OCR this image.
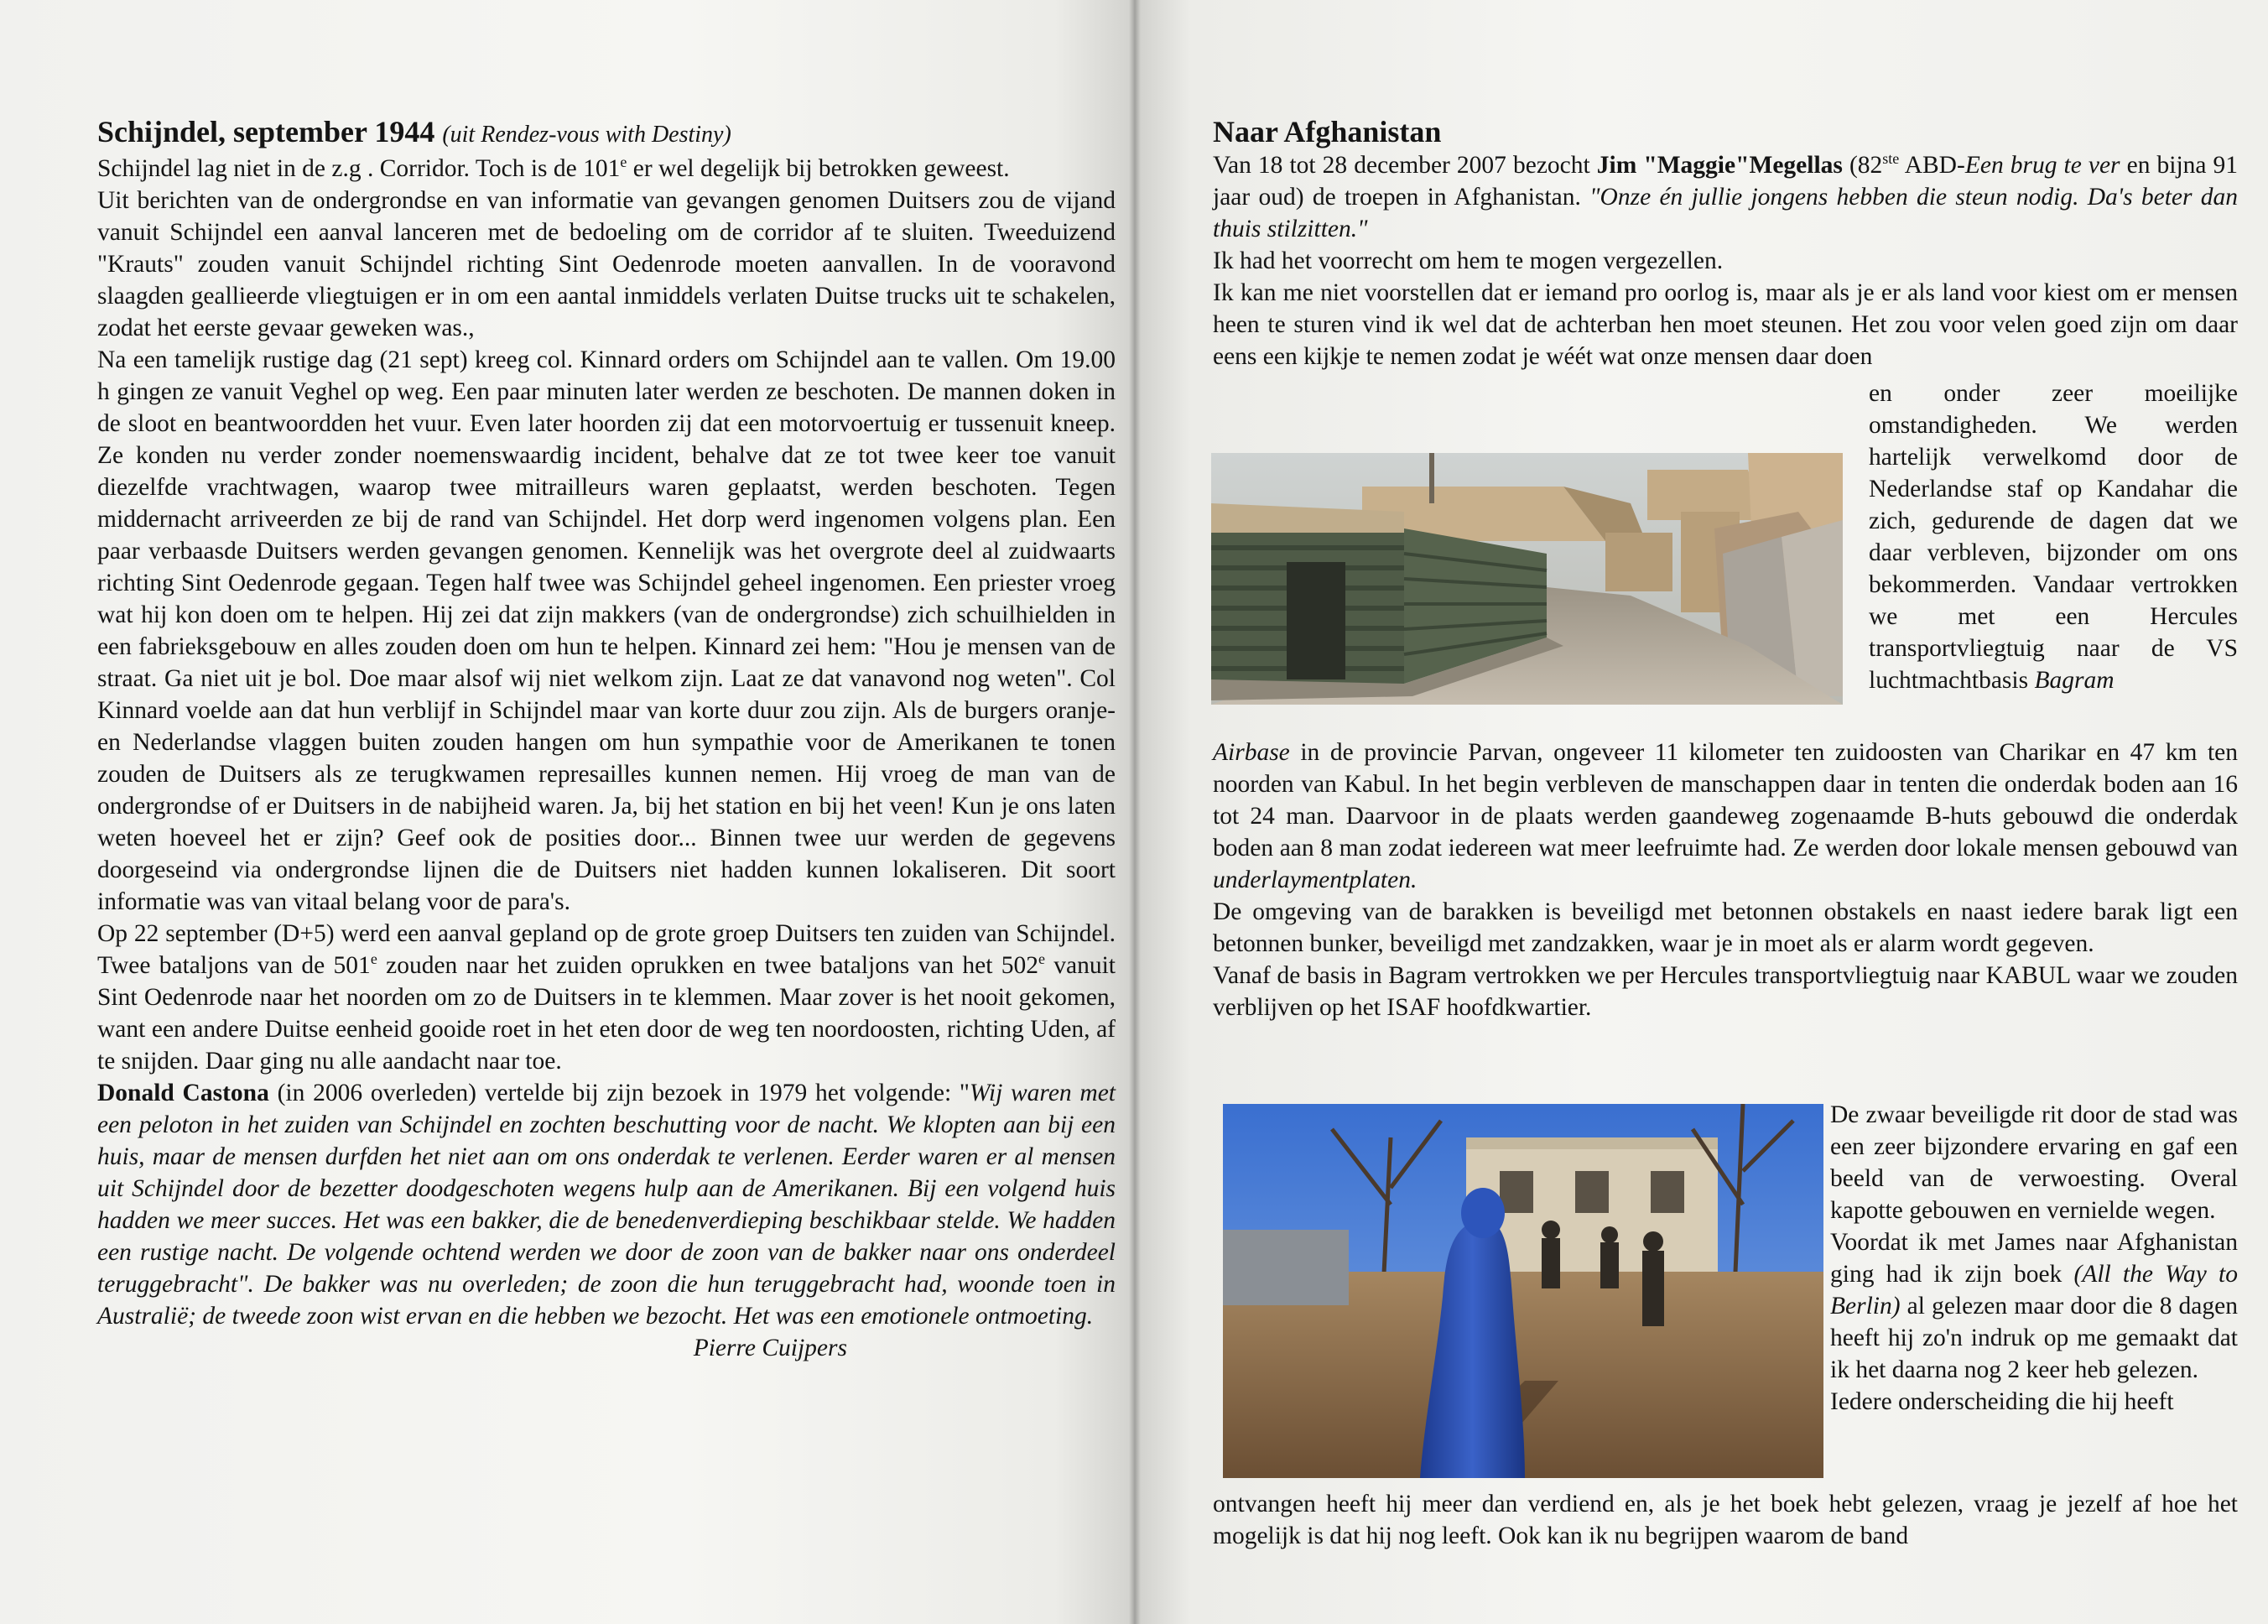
Schijndel, september 1944 (uit Rendez-vous with Destiny)

Schijndel lag niet in de z.g . Corridor. Toch is de 101e er wel degelijk bij betrokken geweest.

Uit berichten van de ondergrondse en van informatie van gevangen genomen Duitsers zou de vijand vanuit Schijndel een aanval lanceren met de bedoeling om de corridor af te sluiten. Tweeduizend "Krauts" zouden vanuit Schijndel richting Sint Oedenrode moeten aanvallen. In de vooravond slaagden geallieerde vliegtuigen er in om een aantal inmiddels verlaten Duitse trucks uit te schakelen, zodat het eerste gevaar geweken was.,

Na een tamelijk rustige dag (21 sept) kreeg col. Kinnard orders om Schijndel aan te vallen. Om 19.00 h gingen ze vanuit Veghel op weg. Een paar minuten later werden ze beschoten. De mannen doken in de sloot en beantwoordden het vuur. Even later hoorden zij dat een motorvoertuig er tussenuit kneep. Ze konden nu verder zonder noemenswaardig incident, behalve dat ze tot twee keer toe vanuit diezelfde vrachtwagen, waarop twee mitrailleurs waren geplaatst, werden beschoten. Tegen middernacht arriveerden ze bij de rand van Schijndel. Het dorp werd ingenomen volgens plan. Een paar verbaasde Duitsers werden gevangen genomen. Kennelijk was het overgrote deel al zuidwaarts richting Sint Oedenrode gegaan. Tegen half twee was Schijndel geheel ingenomen. Een priester vroeg wat hij kon doen om te helpen. Hij zei dat zijn makkers (van de ondergrondse) zich schuilhielden in een fabrieksgebouw en alles zouden doen om hun te helpen. Kinnard zei hem: "Hou je mensen van de straat. Ga niet uit je bol. Doe maar alsof wij niet welkom zijn. Laat ze dat vanavond nog weten". Col Kinnard voelde aan dat hun verblijf in Schijndel maar van korte duur zou zijn. Als de burgers oranje- en Nederlandse vlaggen buiten zouden hangen om hun sympathie voor de Amerikanen te tonen zouden de Duitsers als ze terugkwamen represailles kunnen nemen. Hij vroeg de man van de ondergrondse of er Duitsers in de nabijheid waren. Ja, bij het station en bij het veen! Kun je ons laten weten hoeveel het er zijn? Geef ook de posities door... Binnen twee uur werden de gegevens doorgeseind via ondergrondse lijnen die de Duitsers niet hadden kunnen lokaliseren. Dit soort informatie was van vitaal belang voor de para's.

Op 22 september (D+5) werd een aanval gepland op de grote groep Duitsers ten zuiden van Schijndel. Twee bataljons van de 501e zouden naar het zuiden oprukken en twee bataljons van het 502e vanuit Sint Oedenrode naar het noorden om zo de Duitsers in te klemmen. Maar zover is het nooit gekomen, want een andere Duitse eenheid gooide roet in het eten door de weg ten noordoosten, richting Uden, af te snijden. Daar ging nu alle aandacht naar toe.

Donald Castona (in 2006 overleden) vertelde bij zijn bezoek in 1979 het volgende: "Wij waren met een peloton in het zuiden van Schijndel en zochten beschutting voor de nacht. We klopten aan bij een huis, maar de mensen durfden het niet aan om ons onderdak te verlenen. Eerder waren er al mensen uit Schijndel door de bezetter doodgeschoten wegens hulp aan de Amerikanen. Bij een volgend huis hadden we meer succes. Het was een bakker, die de benedenverdieping beschikbaar stelde. We hadden een rustige nacht. De volgende ochtend werden we door de zoon van de bakker naar ons onderdeel teruggebracht". De bakker was nu overleden; de zoon die hun teruggebracht had, woonde toen in Australië; de tweede zoon wist ervan en die hebben we bezocht. Het was een emotionele ontmoeting.

Pierre Cuijpers

Naar Afghanistan

Van 18 tot 28 december 2007 bezocht Jim "Maggie"Megellas (82ste ABD-Een brug te ver en bijna 91 jaar oud) de troepen in Afghanistan. "Onze én jullie jongens hebben die steun nodig. Da's beter dan thuis stilzitten."

Ik had het voorrecht om hem te mogen vergezellen.

Ik kan me niet voorstellen dat er iemand pro oorlog is, maar als je er als land voor kiest om er mensen heen te sturen vind ik wel dat de achterban hen moet steunen. Het zou voor velen goed zijn om daar eens een kijkje te nemen zodat je wéét wat onze mensen daar doen

en onder zeer moeilijke omstandigheden. We werden hartelijk verwelkomd door de Nederlandse staf op Kandahar die zich, gedurende de dagen dat we daar verbleven, bijzonder om ons bekommerden. Vandaar vertrokken we met een Hercules transportvliegtuig naar de VS luchtmachtbasis Bagram

Airbase in de provincie Parvan, ongeveer 11 kilometer ten zuidoosten van Charikar en 47 km ten noorden van Kabul. In het begin verbleven de manschappen daar in tenten die onderdak boden aan 16 tot 24 man. Daarvoor in de plaats werden gaandeweg zogenaamde B-huts gebouwd die onderdak boden aan 8 man zodat iedereen wat meer leefruimte had. Ze werden door lokale mensen gebouwd van underlaymentplaten.

De omgeving van de barakken is beveiligd met betonnen obstakels en naast iedere barak ligt een betonnen bunker, beveiligd met zandzakken, waar je in moet als er alarm wordt gegeven.

Vanaf de basis in Bagram vertrokken we per Hercules transportvliegtuig naar KABUL waar we zouden verblijven op het ISAF hoofdkwartier.

De zwaar beveiligde rit door de stad was een zeer bijzondere ervaring en gaf een beeld van de verwoesting. Overal kapotte gebouwen en vernielde wegen.

Voordat ik met James naar Afghanistan ging had ik zijn boek (All the Way to Berlin) al gelezen maar door die 8 dagen heeft hij zo'n indruk op me gemaakt dat ik het daarna nog 2 keer heb gelezen.

Iedere onderscheiding die hij heeft

ontvangen heeft hij meer dan verdiend en, als je het boek hebt gelezen, vraag je jezelf af hoe het mogelijk is dat hij nog leeft. Ook kan ik nu begrijpen waarom de band
